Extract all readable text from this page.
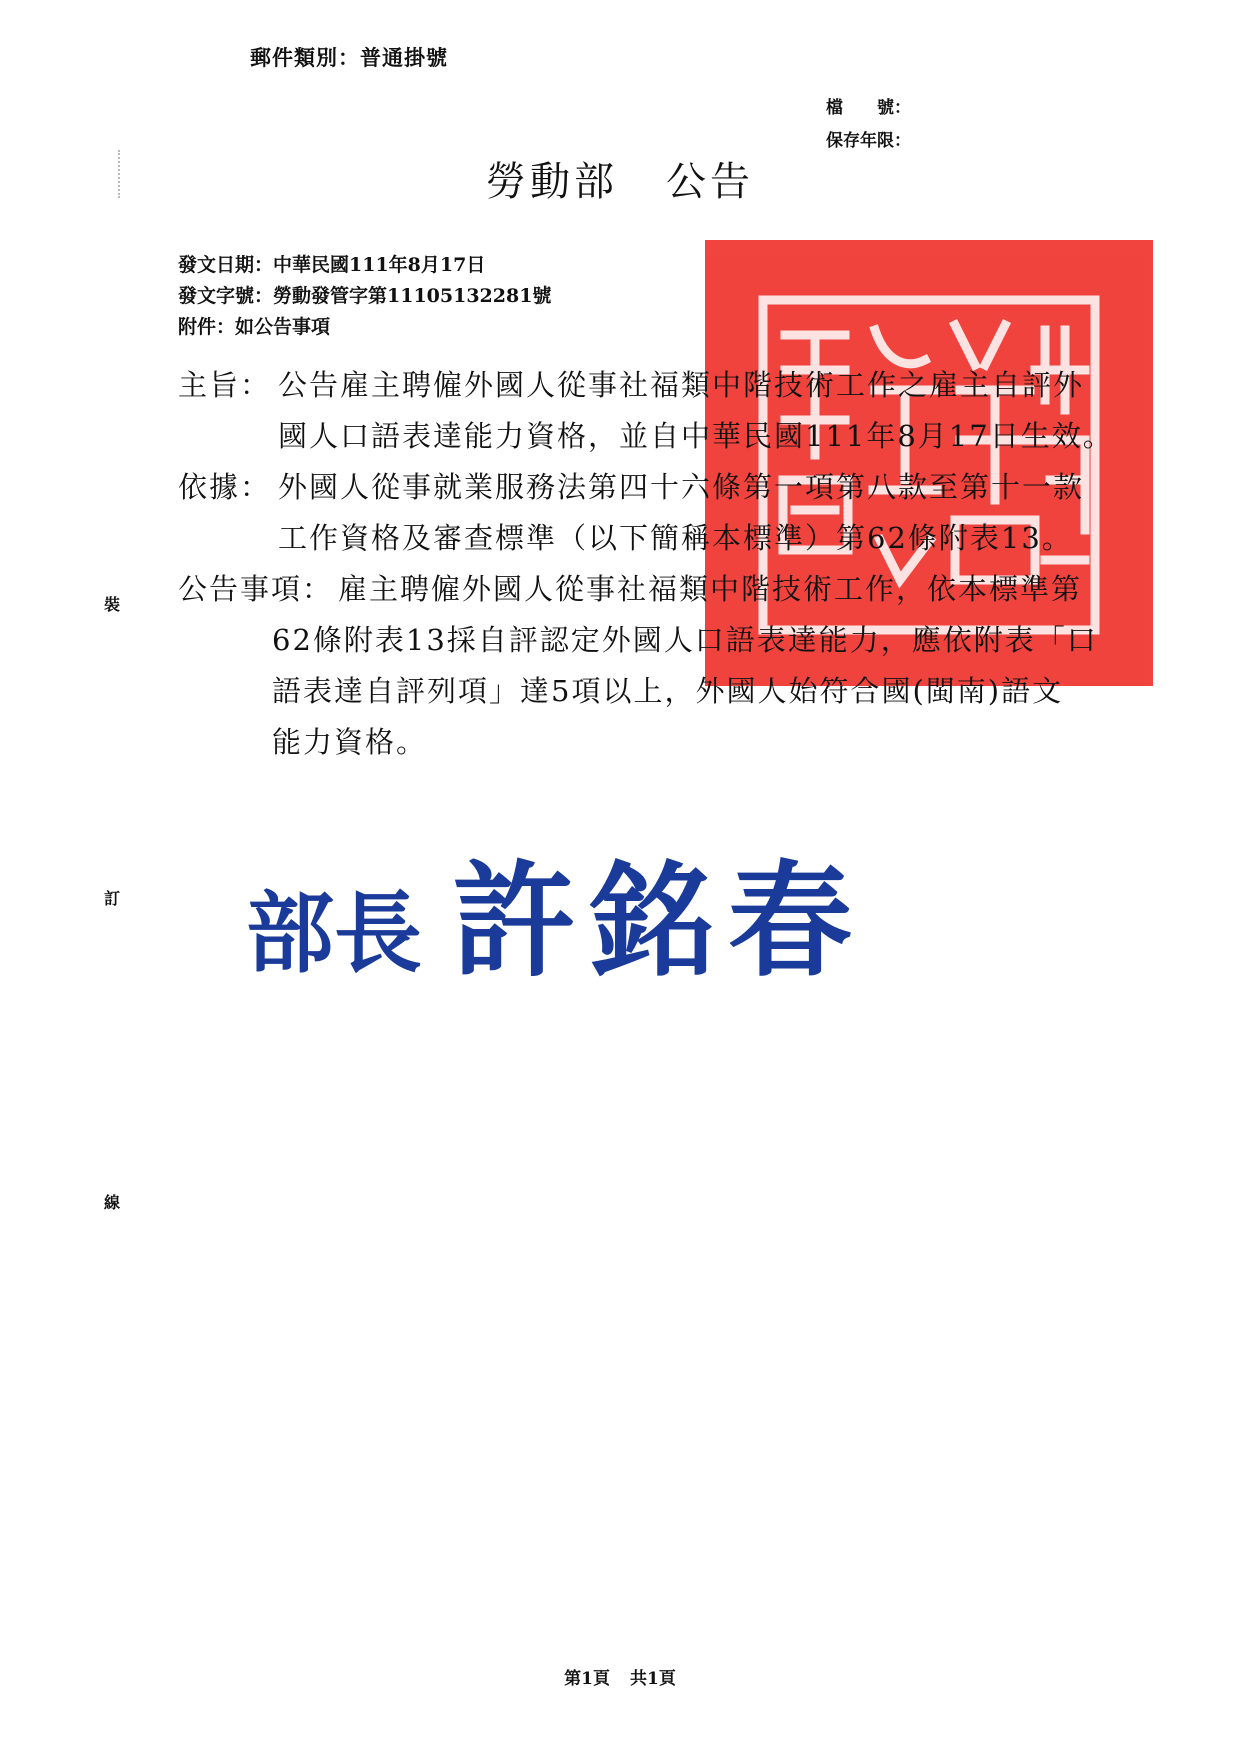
郵件類別：普通掛號
檔　　號：
保存年限：
裝
訂
線
勞動部 公告
發文日期：中華民國111年8月17日
發文字號：勞動發管字第11105132281號
附件：如公告事項
主旨： 公告雇主聘僱外國人從事社福類中階技術工作之雇主自評外
國人口語表達能力資格，並自中華民國111年8月17日生效。
依據： 外國人從事就業服務法第四十六條第一項第八款至第十一款
工作資格及審查標準（以下簡稱本標準）第62條附表13。
公告事項： 雇主聘僱外國人從事社福類中階技術工作，依本標準第
62條附表13採自評認定外國人口語表達能力，應依附表「口
語表達自評列項」達5項以上，外國人始符合國(閩南)語文
能力資格。
部長 許銘春
第1頁 共1頁
